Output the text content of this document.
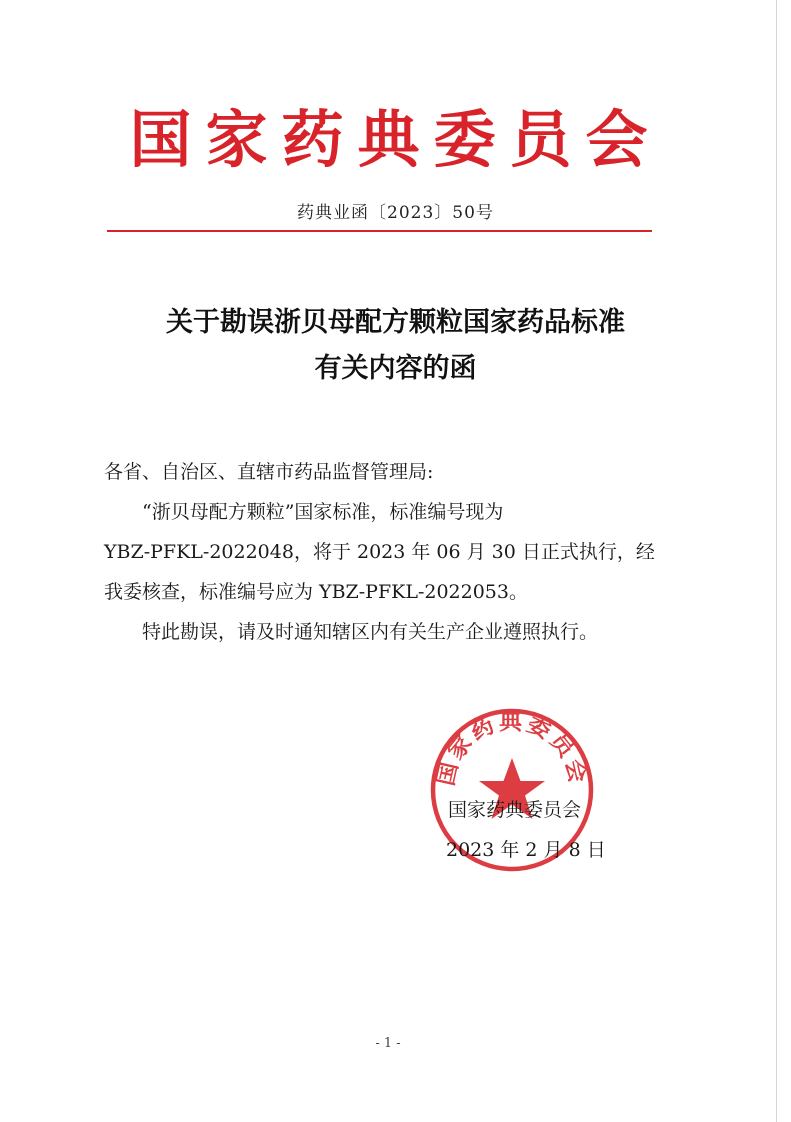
国家药典委员会
药典业函〔2023〕50号
关于勘误浙贝母配方颗粒国家药品标准
有关内容的函

各省、自治区、直辖市药品监督管理局:

“浙贝母配方颗粒”国家标准，标准编号现为

YBZ-PFKL-2022048，将于 2023 年 06 月 30 日正式执行，经

我委核查，标准编号应为 YBZ-PFKL-2022053。

特此勘误，请及时通知辖区内有关生产企业遵照执行。

国家药典委员会
国家药典委员会
2023 年 2 月 8 日
- 1 -
